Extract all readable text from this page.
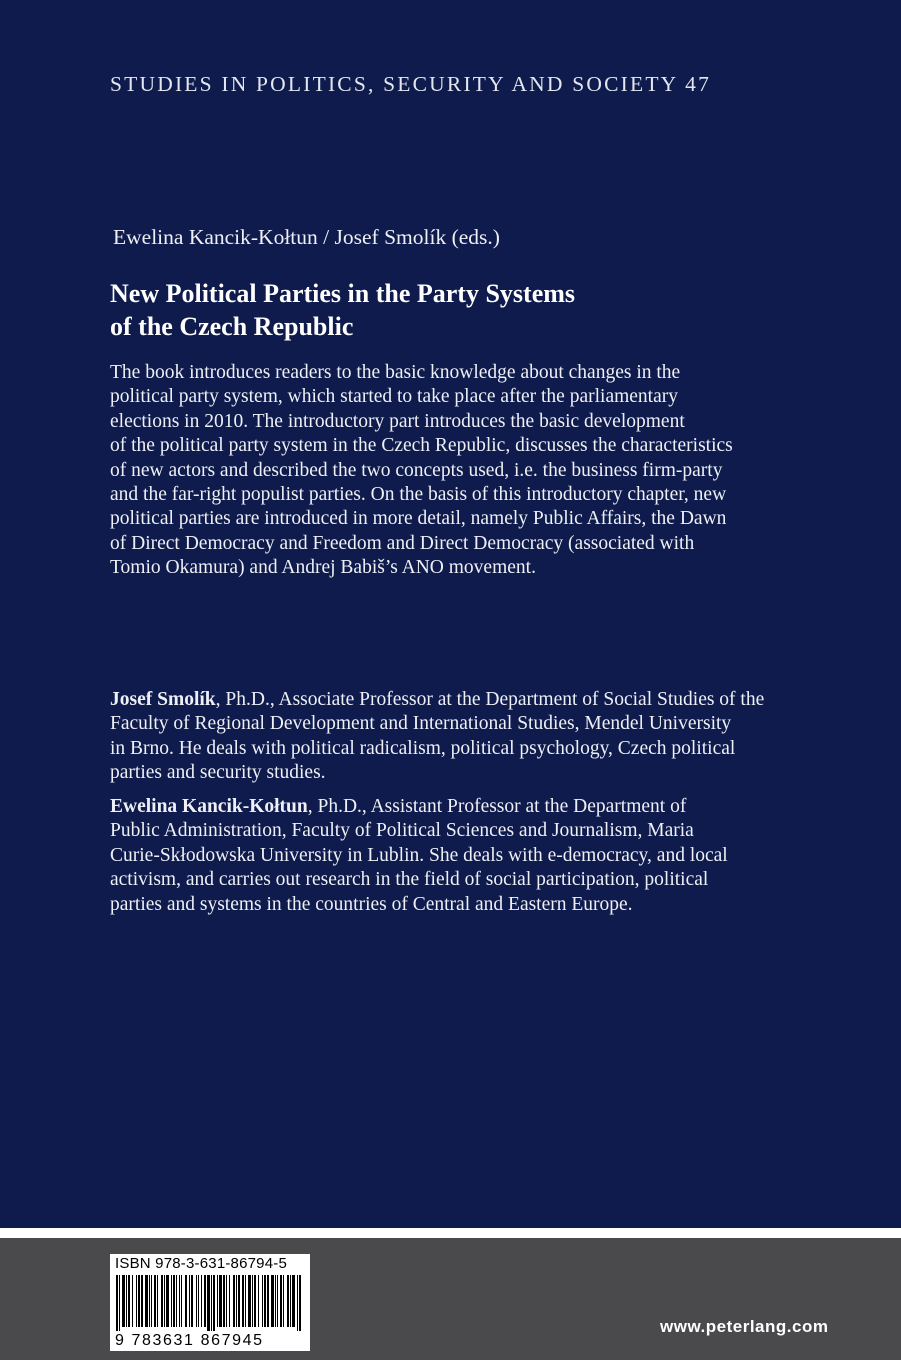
STUDIES IN POLITICS, SECURITY AND SOCIETY 47
Ewelina Kancik-Kołtun / Josef Smolík (eds.)
New Political Parties in the Party Systems
of the Czech Republic

The book introduces readers to the basic knowledge about changes in the
political party system, which started to take place after the parliamentary
elections in 2010. The introductory part introduces the basic development
of the political party system in the Czech Republic, discusses the characteristics
of new actors and described the two concepts used, i.e. the business firm-party
and the far-right populist parties. On the basis of this introductory chapter, new
political parties are introduced in more detail, namely Public Affairs, the Dawn
of Direct Democracy and Freedom and Direct Democracy (associated with
Tomio Okamura) and Andrej Babiš’s ANO movement.

Josef Smolík, Ph.D., Associate Professor at the Department of Social Studies of the
Faculty of Regional Development and International Studies, Mendel University
in Brno. He deals with political radicalism, political psychology, Czech political
parties and security studies.

Ewelina Kancik-Kołtun, Ph.D., Assistant Professor at the Department of
Public Administration, Faculty of Political Sciences and Journalism, Maria
Curie-Skłodowska University in Lublin. She deals with e-democracy, and local
activism, and carries out research in the field of social participation, political
parties and systems in the countries of Central and Eastern Europe.

ISBN 978-3-631-86794-5
9 783631 867945
www.peterlang.com
